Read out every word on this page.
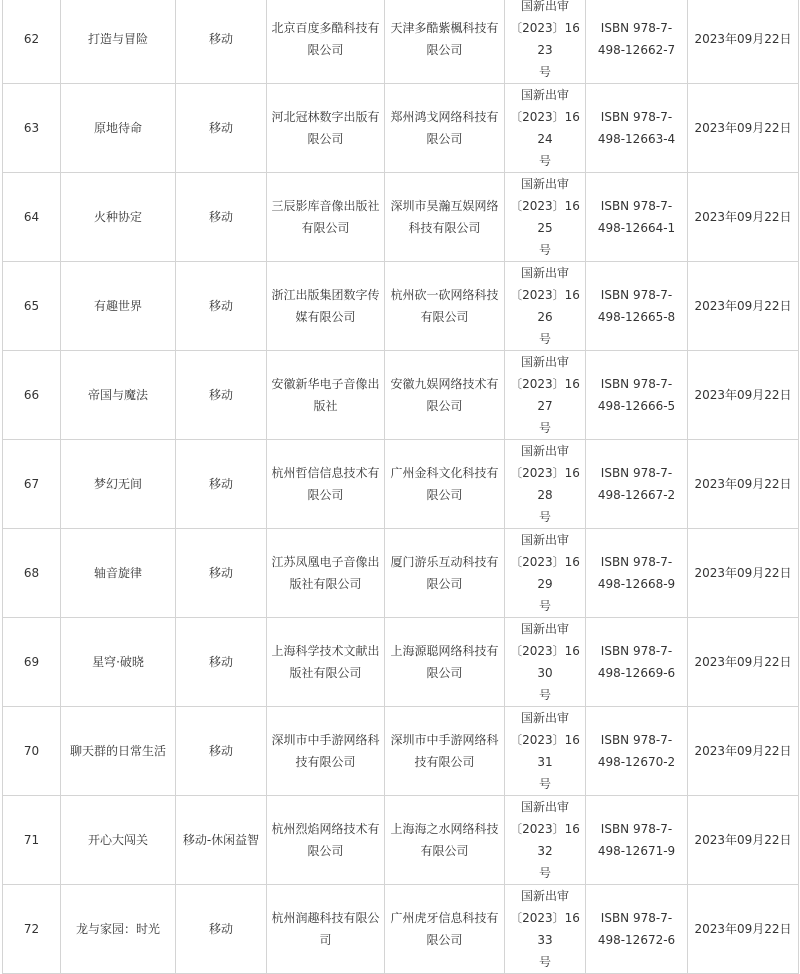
62	打造与冒险	移动	北京百度多酷科技有限公司	天津多酷紫楓科技有限公司	国新出审
〔2023〕1623
号	ISBN 978-7-
498-12662-7	2023年09月22日
63	原地待命	移动	河北冠林数字出版有限公司	郑州鸿戈网络科技有限公司	国新出审
〔2023〕1624
号	ISBN 978-7-
498-12663-4	2023年09月22日
64	火种协定	移动	三辰影库音像出版社有限公司	深圳市昊瀚互娱网络科技有限公司	国新出审
〔2023〕1625
号	ISBN 978-7-
498-12664-1	2023年09月22日
65	有趣世界	移动	浙江出版集团数字传媒有限公司	杭州砍一砍网络科技有限公司	国新出审
〔2023〕1626
号	ISBN 978-7-
498-12665-8	2023年09月22日
66	帝国与魔法	移动	安徽新华电子音像出版社	安徽九娱网络技术有限公司	国新出审
〔2023〕1627
号	ISBN 978-7-
498-12666-5	2023年09月22日
67	梦幻无间	移动	杭州哲信信息技术有限公司	广州金科文化科技有限公司	国新出审
〔2023〕1628
号	ISBN 978-7-
498-12667-2	2023年09月22日
68	轴音旋律	移动	江苏凤凰电子音像出版社有限公司	厦门游乐互动科技有限公司	国新出审
〔2023〕1629
号	ISBN 978-7-
498-12668-9	2023年09月22日
69	星穹·破晓	移动	上海科学技术文献出版社有限公司	上海源聪网络科技有限公司	国新出审
〔2023〕1630
号	ISBN 978-7-
498-12669-6	2023年09月22日
70	聊天群的日常生活	移动	深圳市中手游网络科技有限公司	深圳市中手游网络科技有限公司	国新出审
〔2023〕1631
号	ISBN 978-7-
498-12670-2	2023年09月22日
71	开心大闯关	移动-休闲益智	杭州烈焰网络技术有限公司	上海海之水网络科技有限公司	国新出审
〔2023〕1632
号	ISBN 978-7-
498-12671-9	2023年09月22日
72	龙与家园：时光	移动	杭州润趣科技有限公司	广州虎牙信息科技有限公司	国新出审
〔2023〕1633
号	ISBN 978-7-
498-12672-6	2023年09月22日
